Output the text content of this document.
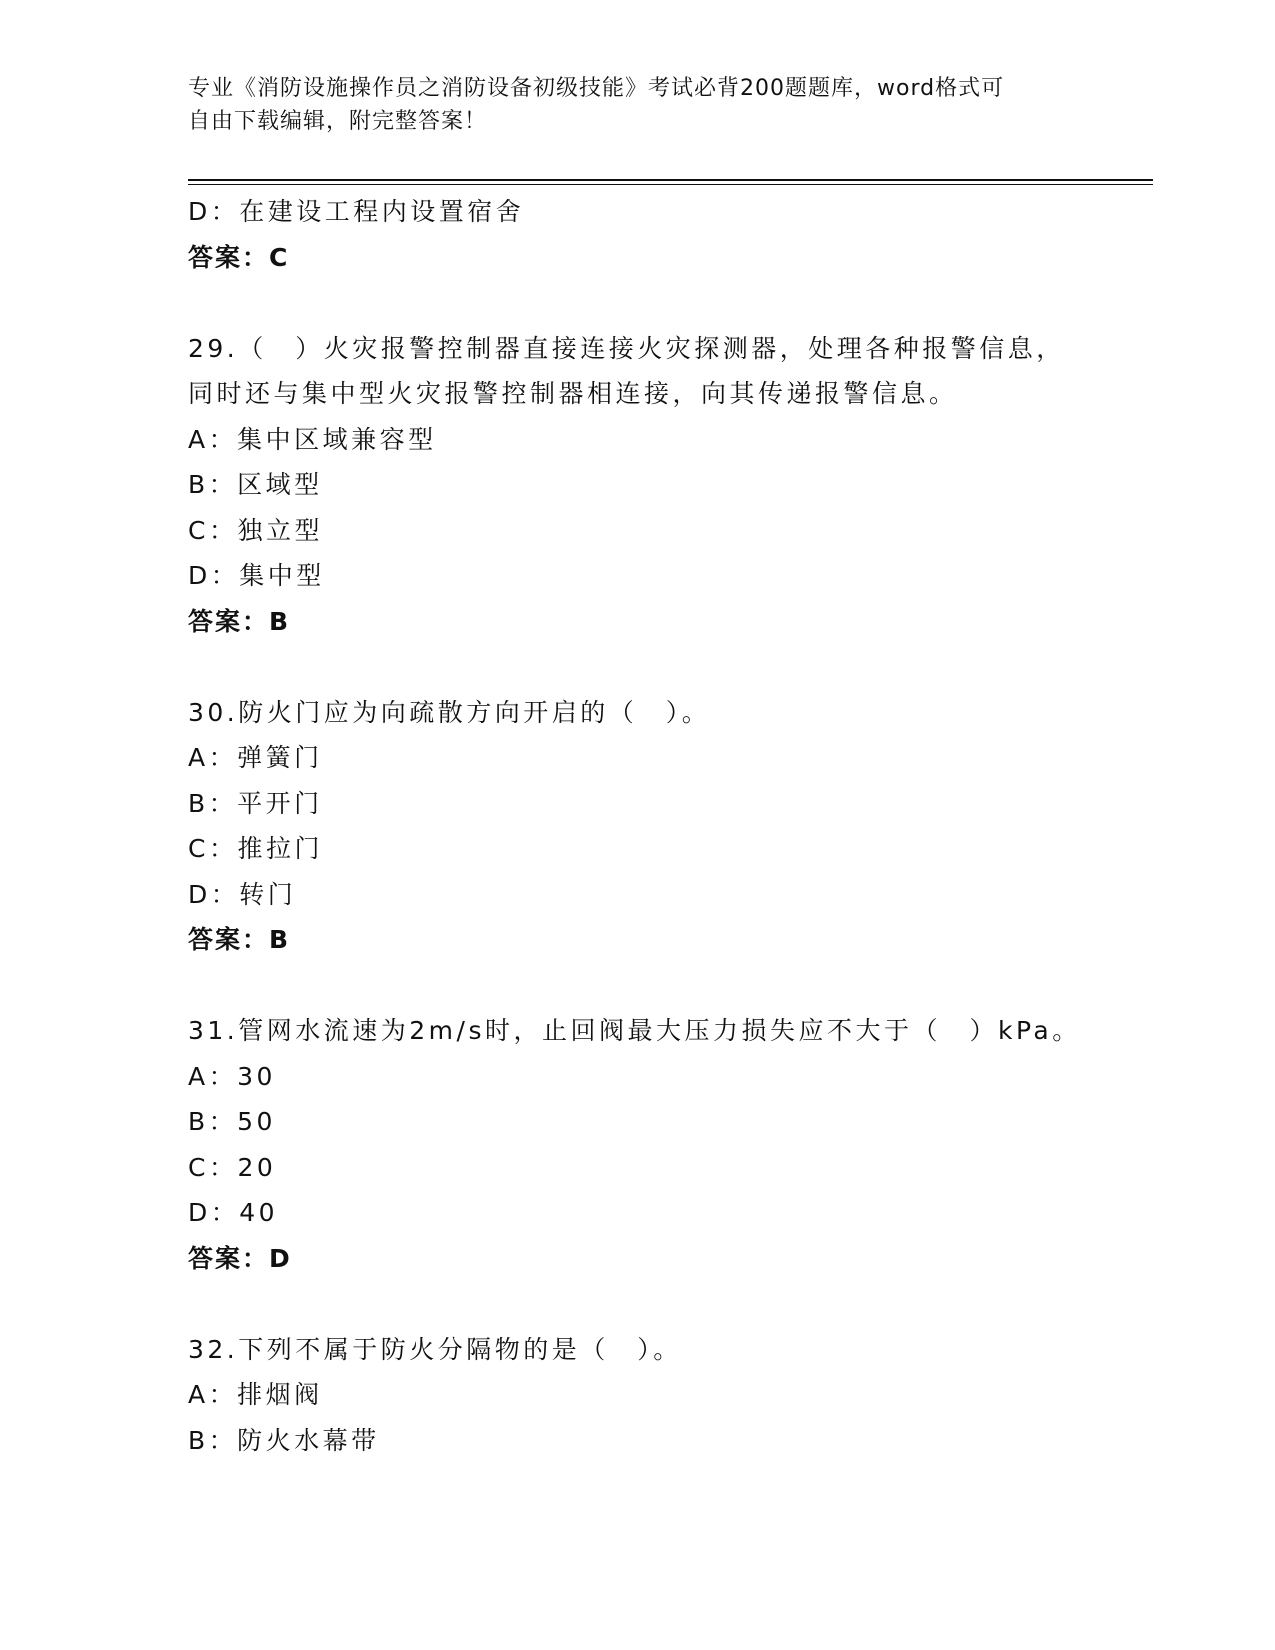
专业《消防设施操作员之消防设备初级技能》考试必背200题题库，word格式可
自由下载编辑，附完整答案！
D：在建设工程内设置宿舍
答案：C
29.（　）火灾报警控制器直接连接火灾探测器，处理各种报警信息，
同时还与集中型火灾报警控制器相连接，向其传递报警信息。
A：集中区域兼容型
B：区域型
C：独立型
D：集中型
答案：B
30.防火门应为向疏散方向开启的（　）。
A：弹簧门
B：平开门
C：推拉门
D：转门
答案：B
31.管网水流速为2m/s时，止回阀最大压力损失应不大于（　）kPa。
A：30
B：50
C：20
D：40
答案：D
32.下列不属于防火分隔物的是（　）。
A：排烟阀
B：防火水幕带
